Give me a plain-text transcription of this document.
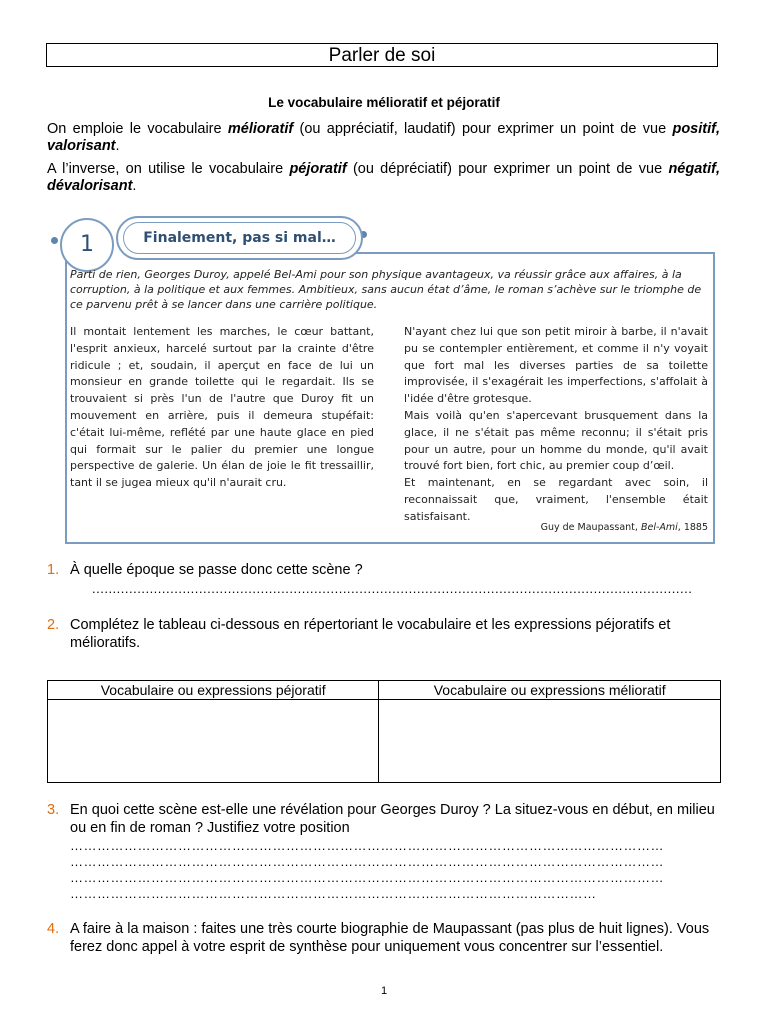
Parler de soi
Le vocabulaire mélioratif et péjoratif
On emploie le vocabulaire mélioratif (ou appréciatif, laudatif) pour exprimer un point de vue positif, valorisant.
A l’inverse, on utilise le vocabulaire péjoratif (ou dépréciatif) pour exprimer un point de vue négatif, dévalorisant.
1	Finalement, pas si mal…
Parti de rien, Georges Duroy, appelé Bel-Ami pour son physique avantageux, va réussir grâce aux affaires, à la corruption, à la politique et aux femmes. Ambitieux, sans aucun état d’âme, le roman s’achève sur le triomphe de ce parvenu prêt à se lancer dans une carrière politique.

Il montait lentement les marches, le cœur battant, l'esprit anxieux, harcelé surtout par la crainte d'être ridicule ; et, soudain, il aperçut en face de lui un monsieur en grande toilette qui le regardait. Ils se trouvaient si près l'un de l'autre que Duroy fit un mouvement en arrière, puis il demeura stupéfait: c'était lui-même, reflété par une haute glace en pied qui formait sur le palier du premier une longue perspective de galerie. Un élan de joie le fit tressaillir, tant il se jugea mieux qu'il n'aurait cru.

N'ayant chez lui que son petit miroir à barbe, il n'avait pu se contempler entièrement, et comme il n'y voyait que fort mal les diverses parties de sa toilette improvisée, il s'exagérait les imperfections, s'affolait à l'idée d'être grotesque.

Mais voilà qu'en s'apercevant brusquement dans la glace, il ne s'était pas même reconnu; il s'était pris pour un autre, pour un homme du monde, qu'il avait trouvé fort bien, fort chic, au premier coup d’œil.

Et maintenant, en se regardant avec soin, il reconnaissait que, vraiment, l'ensemble était satisfaisant.

Guy de Maupassant, Bel-Ami, 1885
1. À quelle époque se passe donc cette scène ?
..................................................................................................................................................
2. Complétez le tableau ci-dessous en répertoriant le vocabulaire et les expressions péjoratifs et mélioratifs.
Vocabulaire ou expressions péjoratif	Vocabulaire ou expressions mélioratif

3. En quoi cette scène est-elle une révélation pour Georges Duroy ? La situez-vous en début, en milieu ou en fin de roman ? Justifiez votre position
……………………………………………………………………………………………………………………
……………………………………………………………………………………………………………………
……………………………………………………………………………………………………………………
………………………………………………………………………………………………………
4. A faire à la maison : faites une très courte biographie de Maupassant (pas plus de huit lignes). Vous ferez donc appel à votre esprit de synthèse pour uniquement vous concentrer sur l’essentiel.
1
